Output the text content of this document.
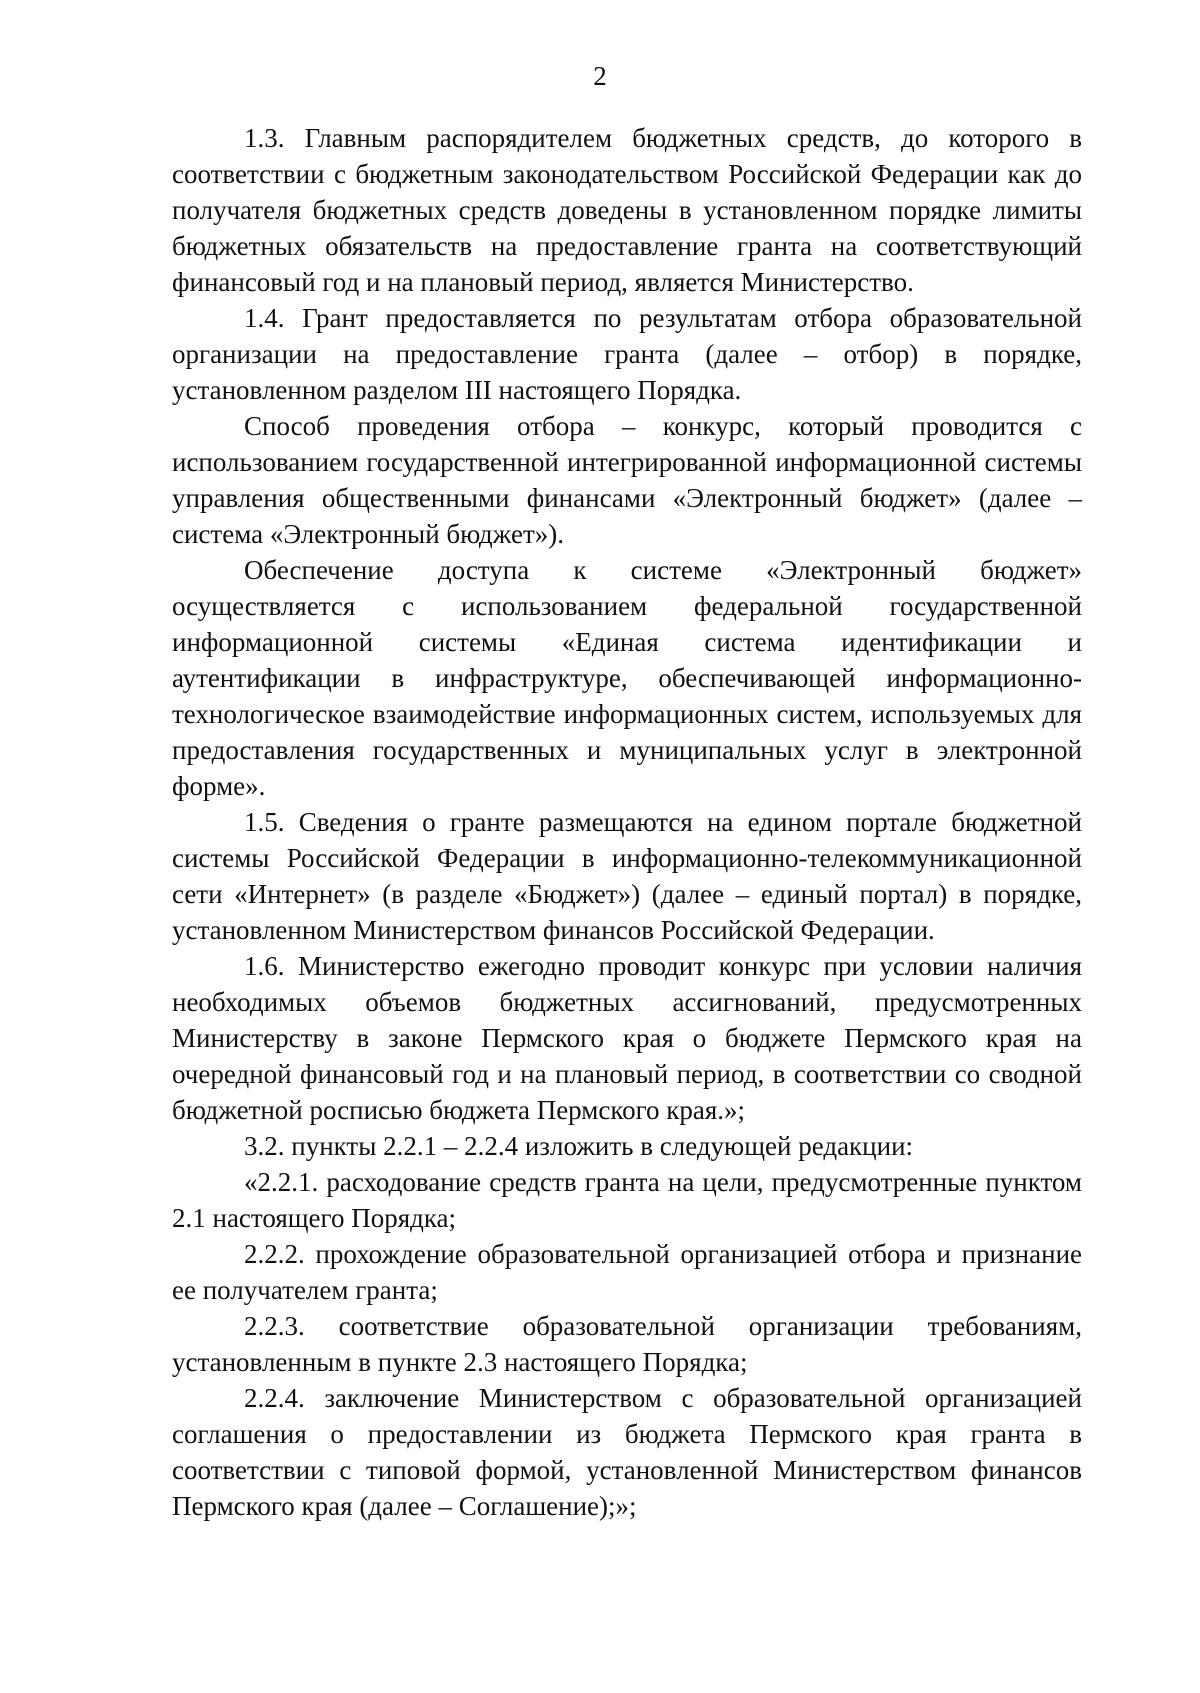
2

1.3. Главным распорядителем бюджетных средств, до которого в соответствии с бюджетным законодательством Российской Федерации как до получателя бюджетных средств доведены в установленном порядке лимиты бюджетных обязательств на предоставление гранта на соответствующий финансовый год и на плановый период, является Министерство.

1.4. Грант предоставляется по результатам отбора образовательной организации на предоставление гранта (далее – отбор) в порядке, установленном разделом III настоящего Порядка.

Способ проведения отбора – конкурс, который проводится с использованием государственной интегрированной информационной системы управления общественными финансами «Электронный бюджет» (далее – система «Электронный бюджет»).

Обеспечение доступа к системе «Электронный бюджет» осуществляется с использованием федеральной государственной информационной системы «Единая система идентификации и аутентификации в инфраструктуре, обеспечивающей информационно-технологическое взаимодействие информационных систем, используемых для предоставления государственных и муниципальных услуг в электронной форме».

1.5. Сведения о гранте размещаются на едином портале бюджетной системы Российской Федерации в информационно-телекоммуникационной сети «Интернет» (в разделе «Бюджет») (далее – единый портал) в порядке, установленном Министерством финансов Российской Федерации.

1.6. Министерство ежегодно проводит конкурс при условии наличия необходимых объемов бюджетных ассигнований, предусмотренных Министерству в законе Пермского края о бюджете Пермского края на очередной финансовый год и на плановый период, в соответствии со сводной бюджетной росписью бюджета Пермского края.»;

3.2. пункты 2.2.1 – 2.2.4 изложить в следующей редакции:

«2.2.1. расходование средств гранта на цели, предусмотренные пунктом 2.1 настоящего Порядка;

2.2.2. прохождение образовательной организацией отбора и признание ее получателем гранта;

2.2.3. соответствие образовательной организации требованиям, установленным в пункте 2.3 настоящего Порядка;

2.2.4. заключение Министерством с образовательной организацией соглашения о предоставлении из бюджета Пермского края гранта в соответствии с типовой формой, установленной Министерством финансов Пермского края (далее – Соглашение);»;
